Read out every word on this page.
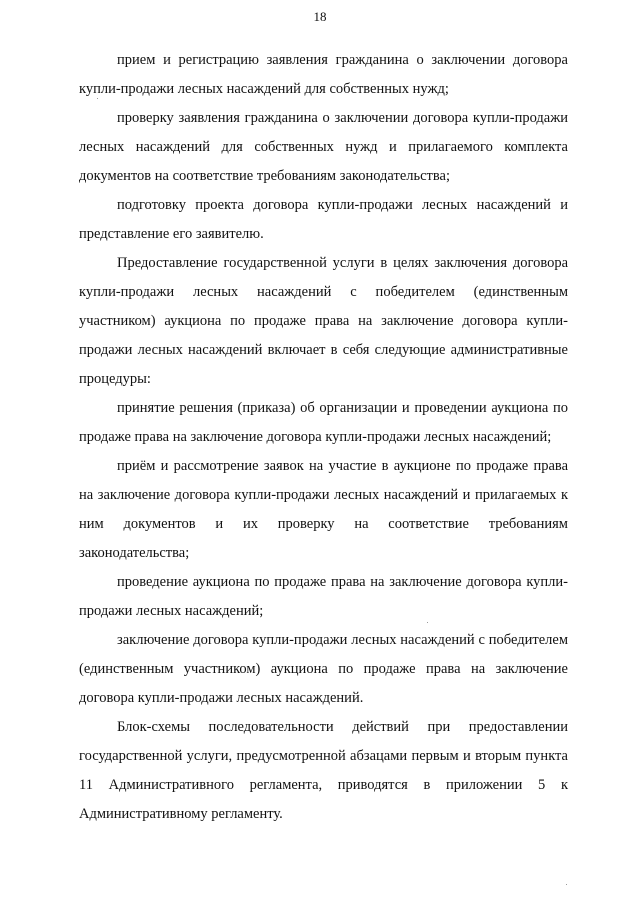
18

прием и регистрацию заявления гражданина о заключении договора купли-продажи лесных насаждений для собственных нужд;

проверку заявления гражданина о заключении договора купли-продажи лесных насаждений для собственных нужд и прилагаемого комплекта документов на соответствие требованиям законодательства;

подготовку проекта договора купли-продажи лесных насаждений и представление его заявителю.

Предоставление государственной услуги в целях заключения договора купли-продажи лесных насаждений с победителем (единственным участником) аукциона по продаже права на заключение договора купли-продажи лесных насаждений включает в себя следующие административные процедуры:

принятие решения (приказа) об организации и проведении аукциона по продаже права на заключение договора купли-продажи лесных насаждений;

приём и рассмотрение заявок на участие в аукционе по продаже права на заключение договора купли-продажи лесных насаждений и прилагаемых к ним документов и их проверку на соответствие требованиям законодательства;

проведение аукциона по продаже права на заключение договора купли-продажи лесных насаждений;

заключение договора купли-продажи лесных насаждений с победителем (единственным участником) аукциона по продаже права на заключение договора купли-продажи лесных насаждений.

Блок-схемы последовательности действий при предоставлении государственной услуги, предусмотренной абзацами первым и вторым пункта 11 Административного регламента, приводятся в приложении 5 к Административному регламенту.
